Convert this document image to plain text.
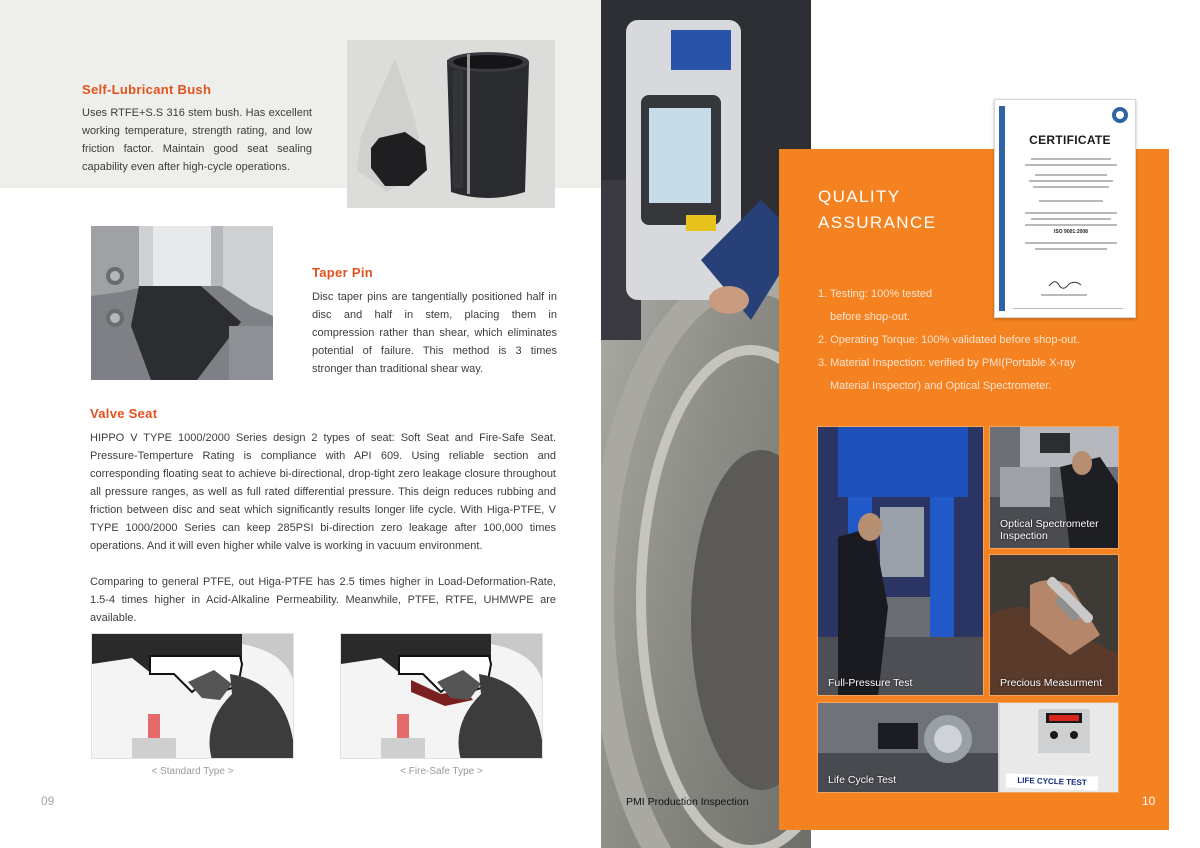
Self-Lubricant Bush
Uses RTFE+S.S 316 stem bush. Has excellent working temperature, strength rating, and low friction factor. Maintain good seat sealing capability even after high-cycle operations.
Taper Pin
Disc taper pins are tangentially positioned half in disc and half in stem, placing them in compression rather than shear, which eliminates potential of failure. This method is 3 times stronger than traditional shear way.
Valve Seat
HIPPO V TYPE 1000/2000 Series design 2 types of seat: Soft Seat and Fire-Safe Seat. Pressure-Temperture Rating is compliance with API 609. Using reliable section and corresponding floating seat to achieve bi-directional, drop-tight zero leakage closure throughout all pressure ranges, as well as full rated differential pressure. This deign reduces rubbing and friction between disc and seat which significantly results longer life cycle. With Higa-PTFE, V TYPE 1000/2000 Series can keep 285PSI bi-direction zero leakage after 100,000 times operations. And it will even higher while valve is working in vacuum environment.
Comparing to general PTFE, out Higa-PTFE has 2.5 times higher in Load-Deformation-Rate, 1.5-4 times higher in Acid-Alkaline Permeability. Meanwhile, PTFE, RTFE, UHMWPE are available.
< Standard Type >	< Fire-Safe Type >
09	PMI Production Inspection
QUALITY
ASSURANCE
1. Testing: 100% tested
before shop-out.
2. Operating Torque: 100% validated before shop-out.
3. Material Inspection: verified by PMI(Portable X-ray
Material Inspector) and Optical Spectrometer.
CERTIFICATE
ISO 9001:2008
Full-Pressure Test
Optical Spectrometer Inspection
Precious Measurment
LIFE CYCLE TEST
Life Cycle Test
10
